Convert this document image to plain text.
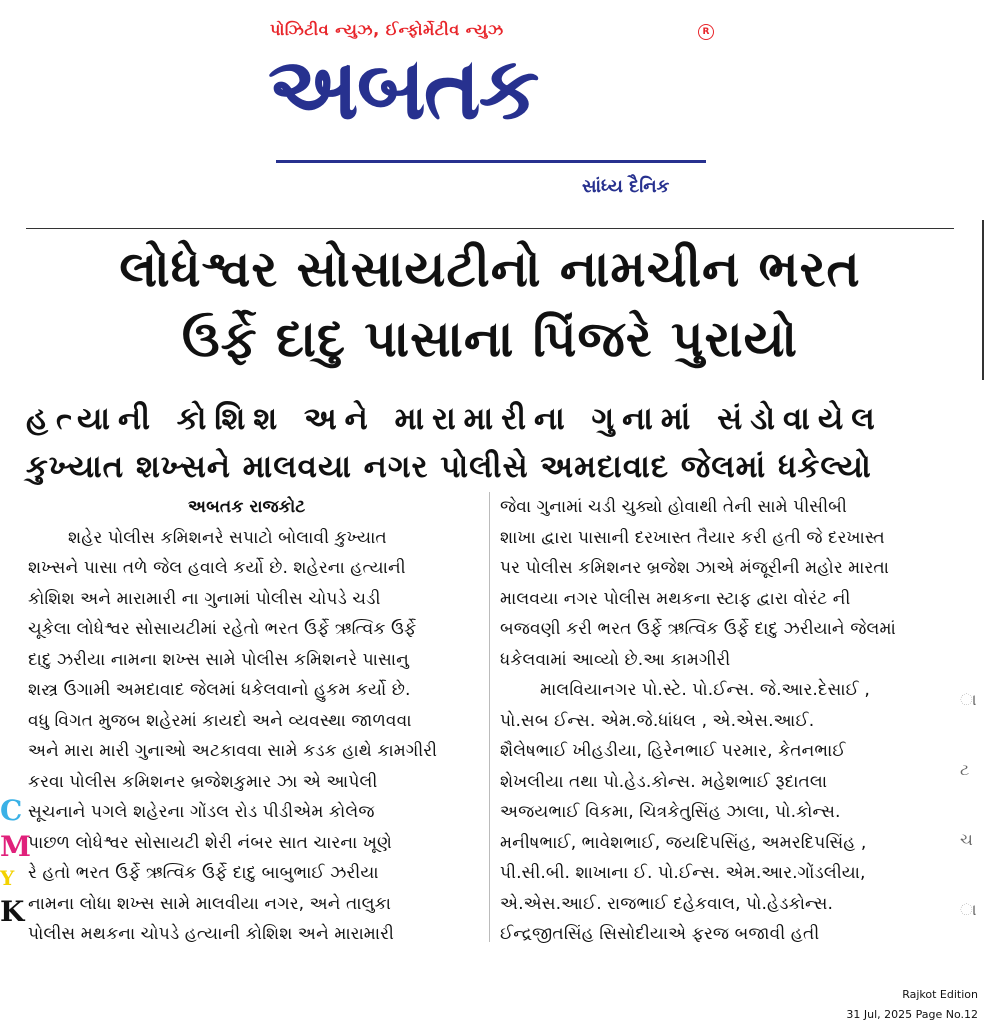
પોઝિટીવ ન્યુઝ, ઈન્ફોર્મેટીવ ન્યુઝ	R
અબતક
સાંધ્ય દૈનિક
લોધેશ્વર સોસાયટીનો નામચીન ભરત
ઉર્ફે દાદુ પાસાના પિંજરે પુરાયો
હત્યાની કોશિશ અને મારામારીના ગુનામાં સંડોવાયેલ
કુખ્યાત શખ્સને માલવયા નગર પોલીસે અમદાવાદ જેલમાં ધકેલ્યો
અબતક રાજકોટ
શહેર પોલીસ કમિશનરે સપાટો બોલાવી કુખ્યાત
શખ્સને પાસા તળે જેલ હવાલે કર્યો છે. શહેરના હત્યાની
કોશિશ અને મારામારી ના ગુનામાં પોલીસ ચોપડે ચડી
ચૂકેલા લોધેશ્વર સોસાયટીમાં રહેતો ભરત ઉર્ફે ઋત્વિક ઉર્ફે
દાદુ ઝરીયા નામના શખ્સ સામે પોલીસ કમિશનરે પાસાનુ
શસ્ત્ર ઉગામી અમદાવાદ જેલમાં ધકેલવાનો હુકમ કર્યો છે.
વધુ વિગત મુજબ શહેરમાં કાયદો અને વ્યવસ્થા જાળવવા
અને મારા મારી ગુનાઓ અટકાવવા સામે કડક હાથે કામગીરી
કરવા પોલીસ કમિશનર બ્રજેશકુમાર ઝા એ આપેલી
સૂચનાને પગલે શહેરના ગોંડલ રોડ પીડીએમ કોલેજ
પાછળ લોધેશ્વર સોસાયટી શેરી નંબર સાત ચારના ખૂણે
રે હતો ભરત ઉર્ફે ઋત્વિક ઉર્ફે દાદુ બાબુભાઈ ઝરીયા
નામના લોધા શખ્સ સામે માલવીયા નગર, અને તાલુકા
પોલીસ મથકના ચોપડે હત્યાની કોશિશ અને મારામારી
જેવા ગુનામાં ચડી ચુક્યો હોવાથી તેની સામે પીસીબી
શાખા દ્વારા પાસાની દરખાસ્ત તૈયાર કરી હતી જે દરખાસ્ત
પર પોલીસ કમિશનર બ્રજેશ ઝાએ મંજૂરીની મહોર મારતા
માલવયા નગર પોલીસ મથકના સ્ટાફ દ્વારા વોરંટ ની
બજવણી કરી ભરત ઉર્ફે ઋત્વિક ઉર્ફે દાદુ ઝરીયાને જેલમાં
ધકેલવામાં આવ્યો છે.આ કામગીરી
માલવિયાનગર પો.સ્ટે. પો.ઈન્સ. જે.આર.દેસાઈ ,
પો.સબ ઈન્સ. એમ.જે.ધાંધલ , એ.એસ.આઈ.
શૈલેષભાઈ ખીહડીયા, હિરેનભાઈ પરમાર, કેતનભાઈ
શેખલીયા તથા પો.હેડ.કોન્સ. મહેશભાઈ રૂદાતલા
અજયભાઈ વિકમા, ચિત્રકેતુસિંહ ઝાલા, પો.કોન્સ.
મનીષભાઈ, ભાવેશભાઈ, જયદિપસિંહ, અમરદિપસિંહ ,
પી.સી.બી. શાખાના ઈ. પો.ઈન્સ. એમ.આર.ગોંડલીયા,
એ.એસ.આઈ. રાજભાઈ દહેકવાલ, પો.હેડકોન્સ.
ઈન્દ્રજીતસિંહ સિસોદીયાએ ફરજ બજાવી હતી
C
M
Y
K
ા
ટ
ચ
ા
Rajkot Edition
31 Jul, 2025 Page No.12
